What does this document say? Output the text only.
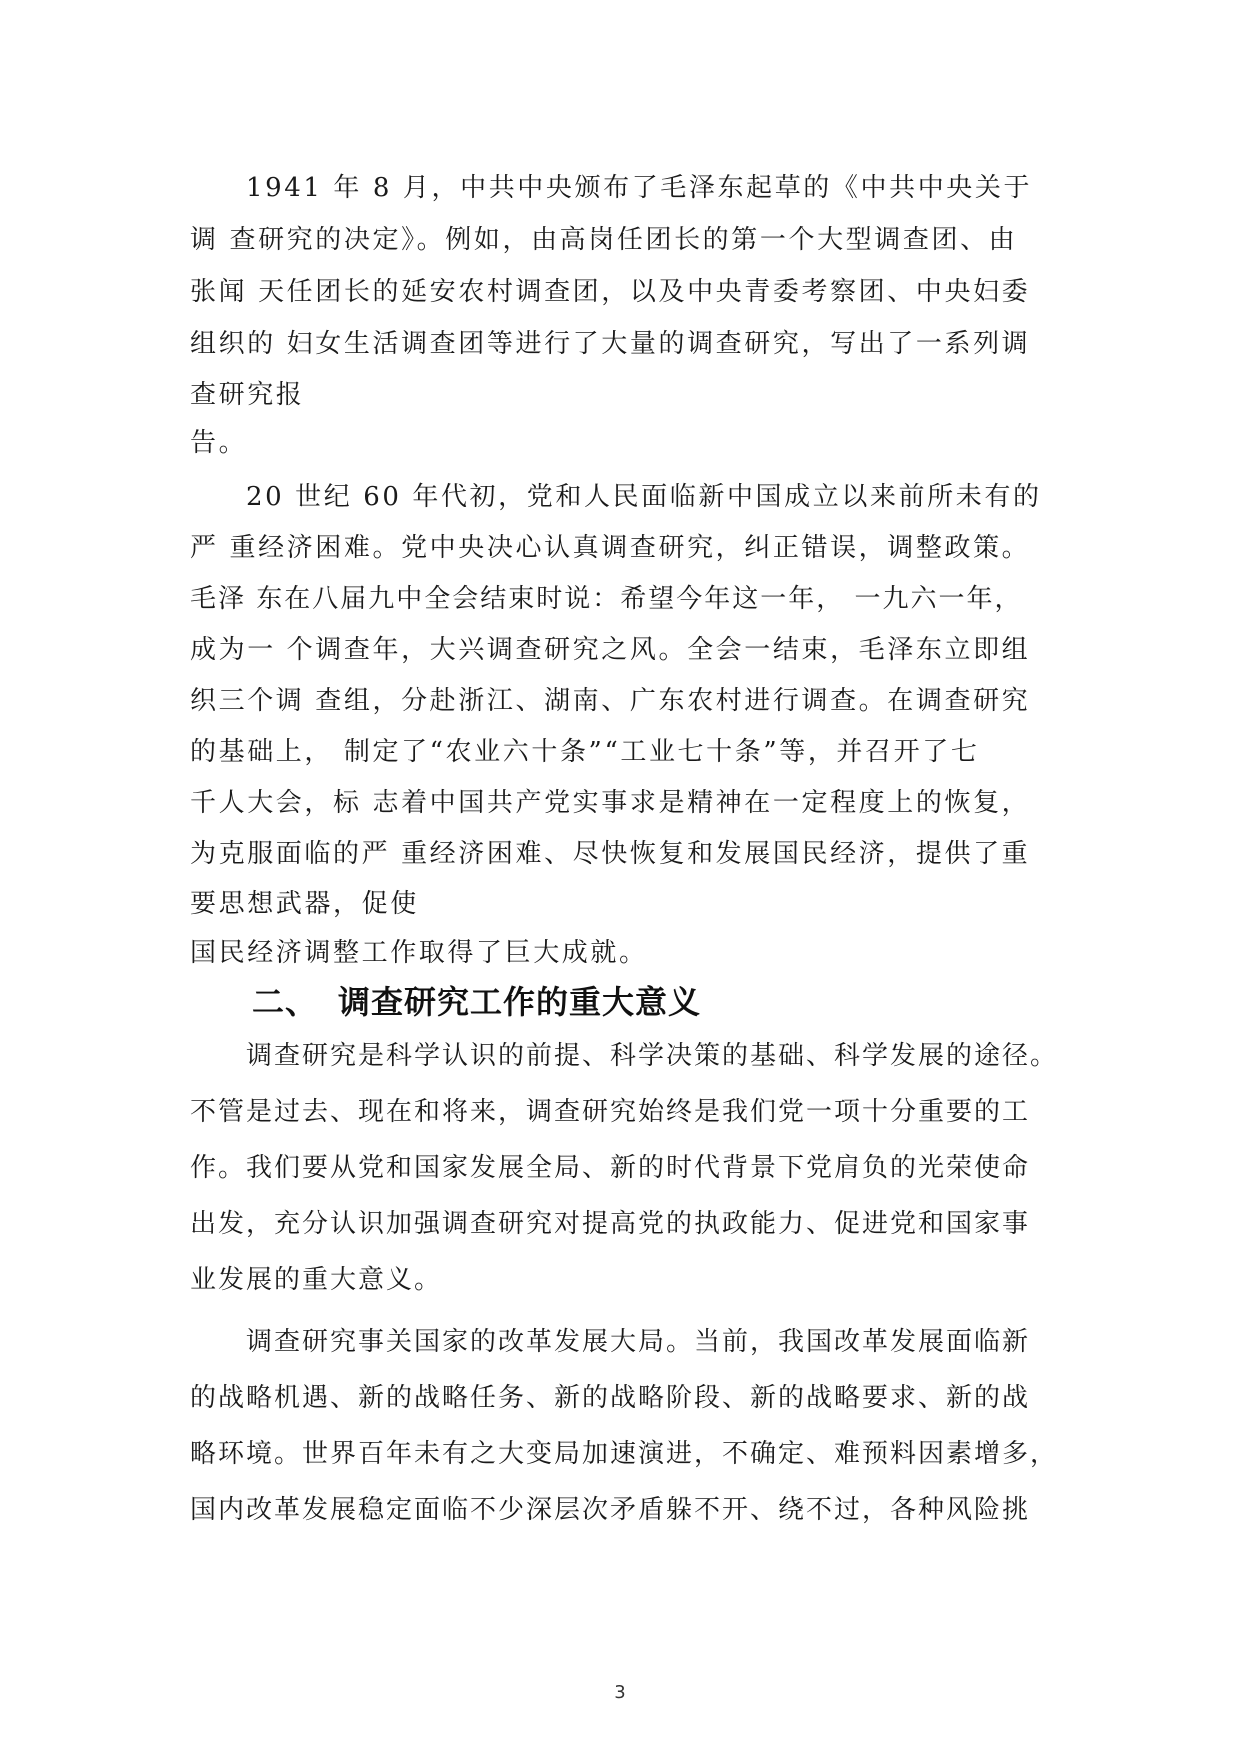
1941 年 8 月，中共中央颁布了毛泽东起草的《中共中央关于
调 查研究的决定》。例如，由高岗任团长的第一个大型调查团、由
张闻 天任团长的延安农村调查团，以及中央青委考察团、中央妇委
组织的 妇女生活调查团等进行了大量的调查研究，写出了一系列调
查研究报
告。
20 世纪 60 年代初，党和人民面临新中国成立以来前所未有的
严 重经济困难。党中央决心认真调查研究，纠正错误，调整政策。
毛泽 东在八届九中全会结束时说：希望今年这一年， 一九六一年，
成为一 个调查年，大兴调查研究之风。全会一结束，毛泽东立即组
织三个调 查组，分赴浙江、湖南、广东农村进行调查。在调查研究
的基础上， 制定了“农业六十条”“工业七十条”等，并召开了七
千人大会，标 志着中国共产党实事求是精神在一定程度上的恢复，
为克服面临的严 重经济困难、尽快恢复和发展国民经济，提供了重
要思想武器，促使
国民经济调整工作取得了巨大成就。
二、 调查研究工作的重大意义
调查研究是科学认识的前提、科学决策的基础、科学发展的途径。
不管是过去、现在和将来，调查研究始终是我们党一项十分重要的工
作。我们要从党和国家发展全局、新的时代背景下党肩负的光荣使命
出发，充分认识加强调查研究对提高党的执政能力、促进党和国家事
业发展的重大意义。
调查研究事关国家的改革发展大局。当前，我国改革发展面临新
的战略机遇、新的战略任务、新的战略阶段、新的战略要求、新的战
略环境。世界百年未有之大变局加速演进，不确定、难预料因素增多，
国内改革发展稳定面临不少深层次矛盾躲不开、绕不过，各种风险挑
3
